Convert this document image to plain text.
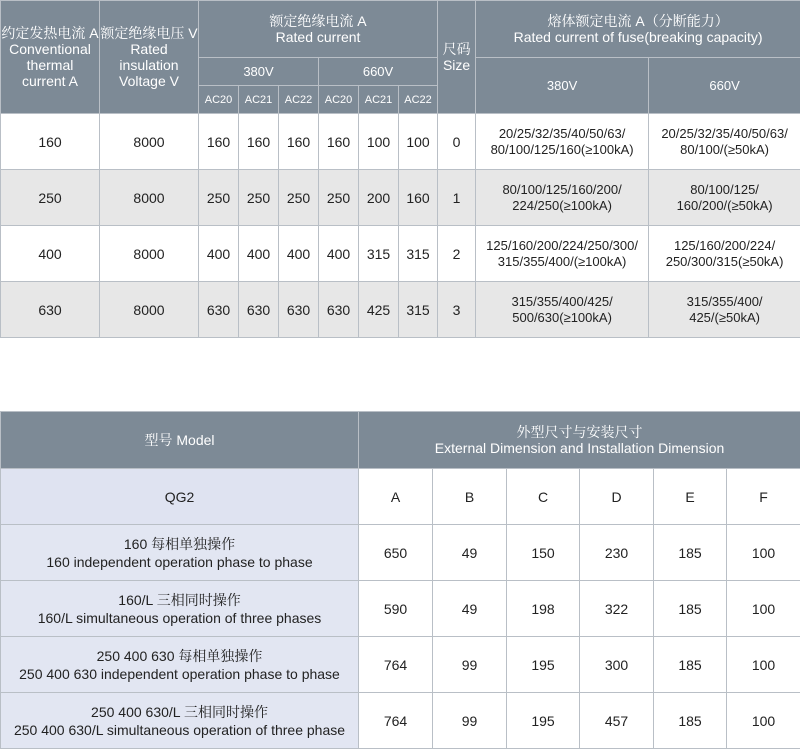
约定发热电流 A
Conventional
thermal
current A	额定绝缘电压 V
Rated
insulation
Voltage V	额定绝缘电流 A
Rated current						尺码
Size	熔体额定电流 A（分断能力）
Rated current of fuse(breaking capacity)	

		380V			660V				380V	660V
		AC20	AC21	AC22	AC20	AC21	AC22			
160	8000	160	160	160	160	100	100	0	20/25/32/35/40/50/63/
80/100/125/160(≥100kA)	20/25/32/35/40/50/63/
80/100/(≥50kA)

250	8000	250	250	250	250	200	160	1	80/100/125/160/200/
224/250(≥100kA)	80/100/125/
160/200/(≥50kA)

400	8000	400	400	400	400	315	315	2	125/160/200/224/250/300/
315/355/400/(≥100kA)	125/160/200/224/
250/300/315(≥50kA)

630	8000	630	630	630	630	425	315	3	315/355/400/425/
500/630(≥100kA)	315/355/400/
425/(≥50kA)
型号 Model	外型尺寸与安装尺寸
External Dimension and Installation Dimension					

QG2	A	B	C	D	E	F

160 每相单独操作
160 independent operation phase to phase	650	49	150	230	185	100

160/L 三相同时操作
160/L simultaneous operation of three phases	590	49	198	322	185	100

250 400 630 每相单独操作
250 400 630 independent operation phase to phase	764	99	195	300	185	100

250 400 630/L 三相同时操作
250 400 630/L simultaneous operation of three phase	764	99	195	457	185	100
